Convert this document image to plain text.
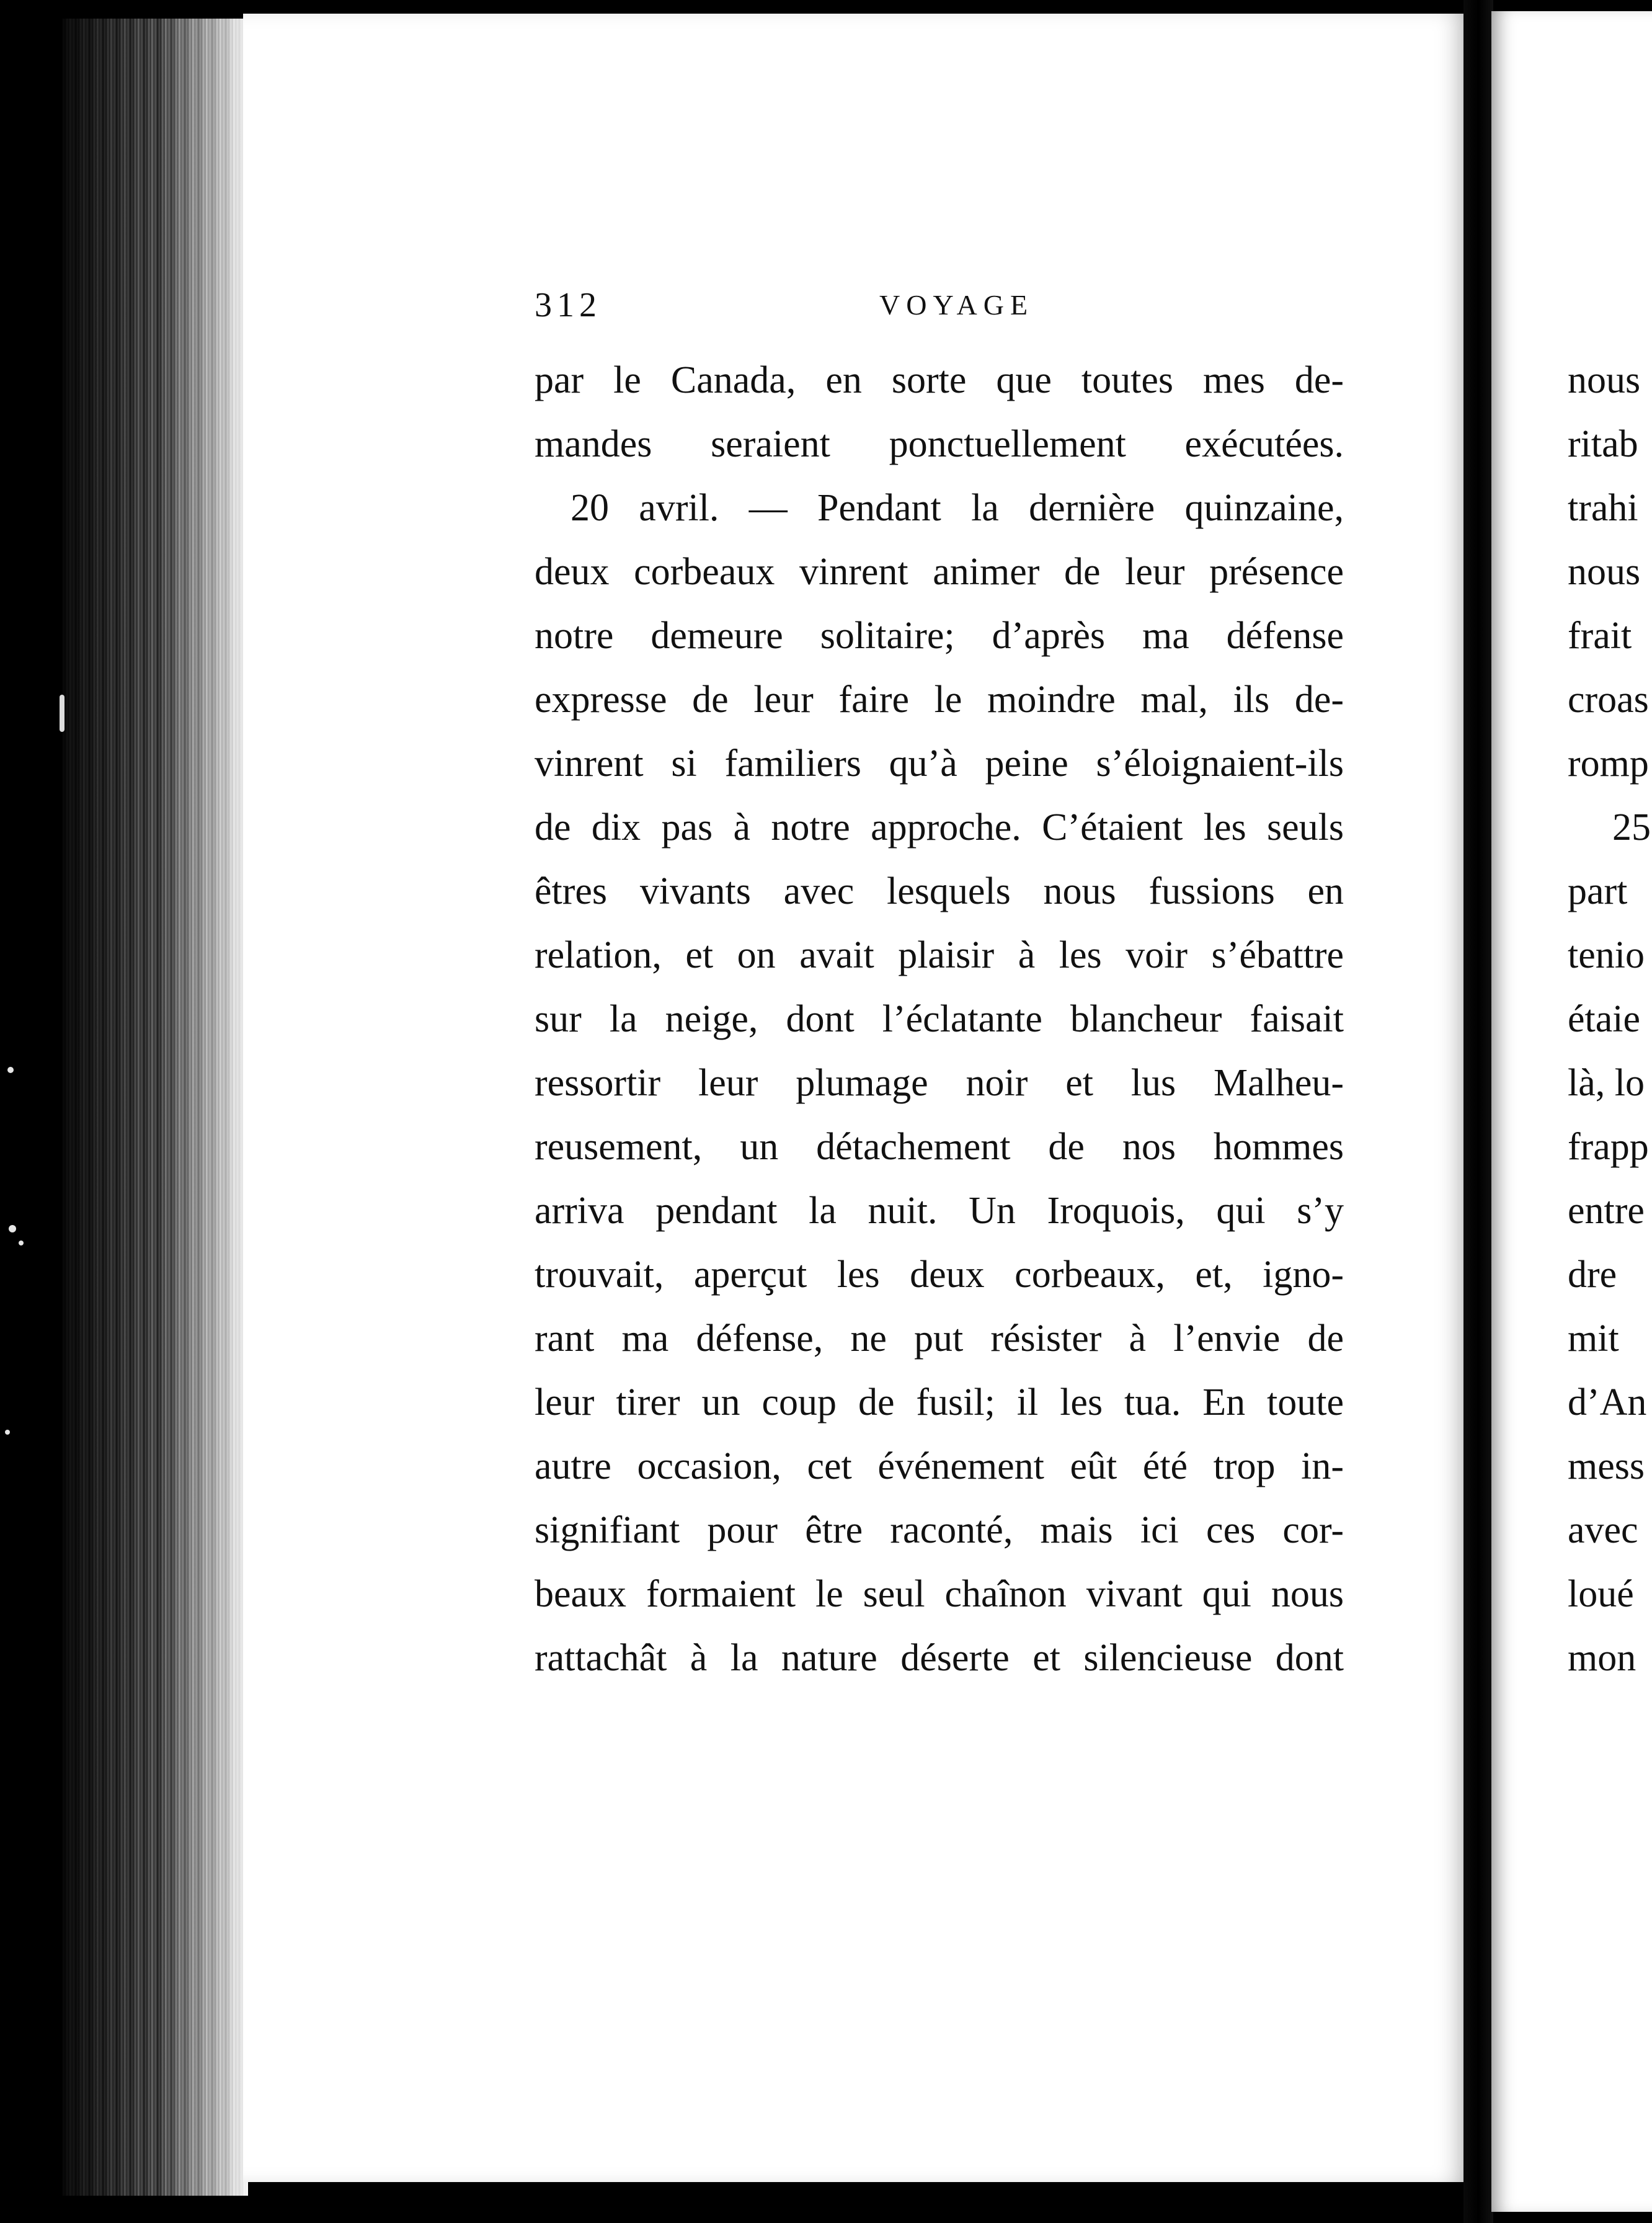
312	VOYAGE
par le Canada, en sorte que toutes mes de-
mandes seraient ponctuellement exécutées.
20 avril. — Pendant la dernière quinzaine,
deux corbeaux vinrent animer de leur présence
notre demeure solitaire; d’après ma défense
expresse de leur faire le moindre mal, ils de-
vinrent si familiers qu’à peine s’éloignaient-ils
de dix pas à notre approche. C’étaient les seuls
êtres vivants avec lesquels nous fussions en
relation, et on avait plaisir à les voir s’ébattre
sur la neige, dont l’éclatante blancheur faisait
ressortir leur plumage noir et lus Malheu-
reusement, un détachement de nos hommes
arriva pendant la nuit. Un Iroquois, qui s’y
trouvait, aperçut les deux corbeaux, et, igno-
rant ma défense, ne put résister à l’envie de
leur tirer un coup de fusil; il les tua. En toute
autre occasion, cet événement eût été trop in-
signifiant pour être raconté, mais ici ces cor-
beaux formaient le seul chaînon vivant qui nous
rattachât à la nature déserte et silencieuse dont
nous
ritab
trahi
nous
frait
croas
romp
25
part
tenio
étaie
là, lo
frapp
entre
dre
mit
d’An
mess
avec
loué
mon
